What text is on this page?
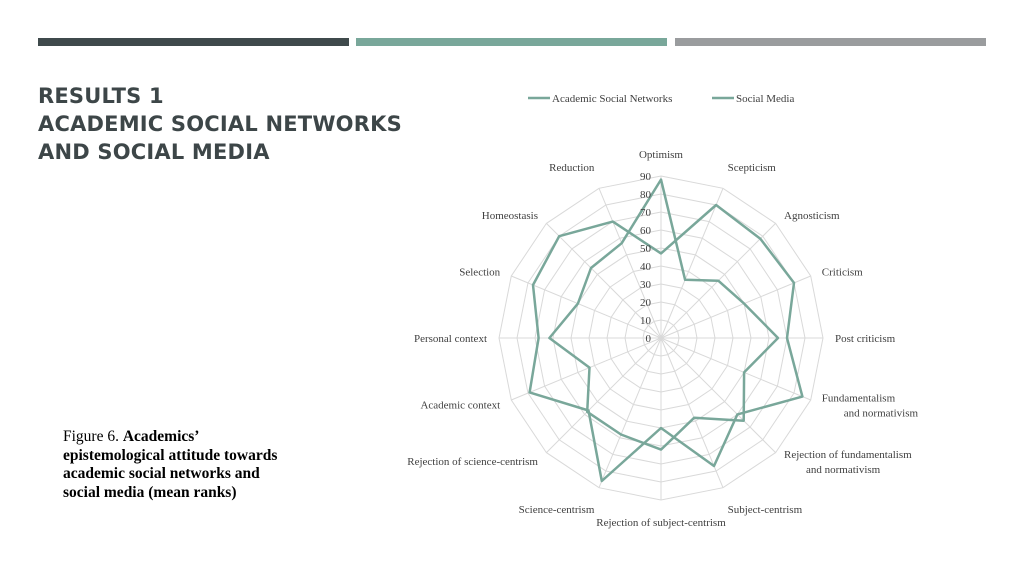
RESULTS 1
ACADEMIC SOCIAL NETWORKS
AND SOCIAL MEDIA
Figure 6. Academics’ epistemological attitude towards academic social networks and social media (mean ranks)
Academic Social Networks	Social Media
0
10
20
30
40
50
60
70
80
90
Optimism
Scepticism
Agnosticism
Criticism
Post criticism
Fundamentalism and normativism
Rejection of fundamentalism and normativism
Subject-centrism
Rejection of subject-centrism
Science-centrism
Rejection of science-centrism
Academic context
Personal context
Selection
Homeostasis
Reduction
